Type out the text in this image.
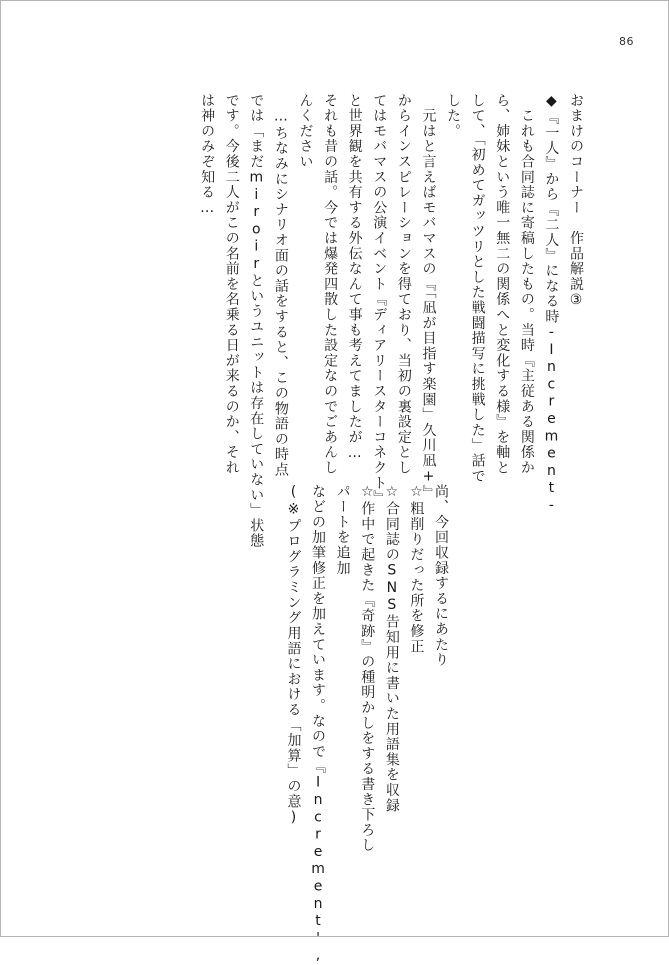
86
おまけのコーナー　作品解説③
◆『一人』から『二人』になる時-Increment-
　これも合同誌に寄稿したもの。当時『主従ある関係か
ら、姉妹という唯一無二の関係へと変化する様』を軸と
して、「初めてガッツリとした戦闘描写に挑戦した」話で
した。
　元はと言えばモバマスの『「凪が目指す楽園」久川凪+』
からインスピレーションを得ており、当初の裏設定とし
てはモバマスの公演イベント『ディアリースターコネクト』
と世界観を共有する外伝なんて事も考えてましたが…
それも昔の話。今では爆発四散した設定なのでごあんし
んください
　…ちなみにシナリオ面の話をすると、この物語の時点
では「まだmiroirというユニットは存在していない」状態
です。今後二人がこの名前を名乗る日が来るのか、それ
は神のみぞ知る…
尚、今回収録するにあたり
☆粗削りだった所を修正
☆合同誌のSNS告知用に書いた用語集を収録
☆作中で起きた『奇跡』の種明かしをする書き下ろし
パートを追加
などの加筆修正を加えています。なので『Increment',
(※プログラミング用語における「加算」の意)
